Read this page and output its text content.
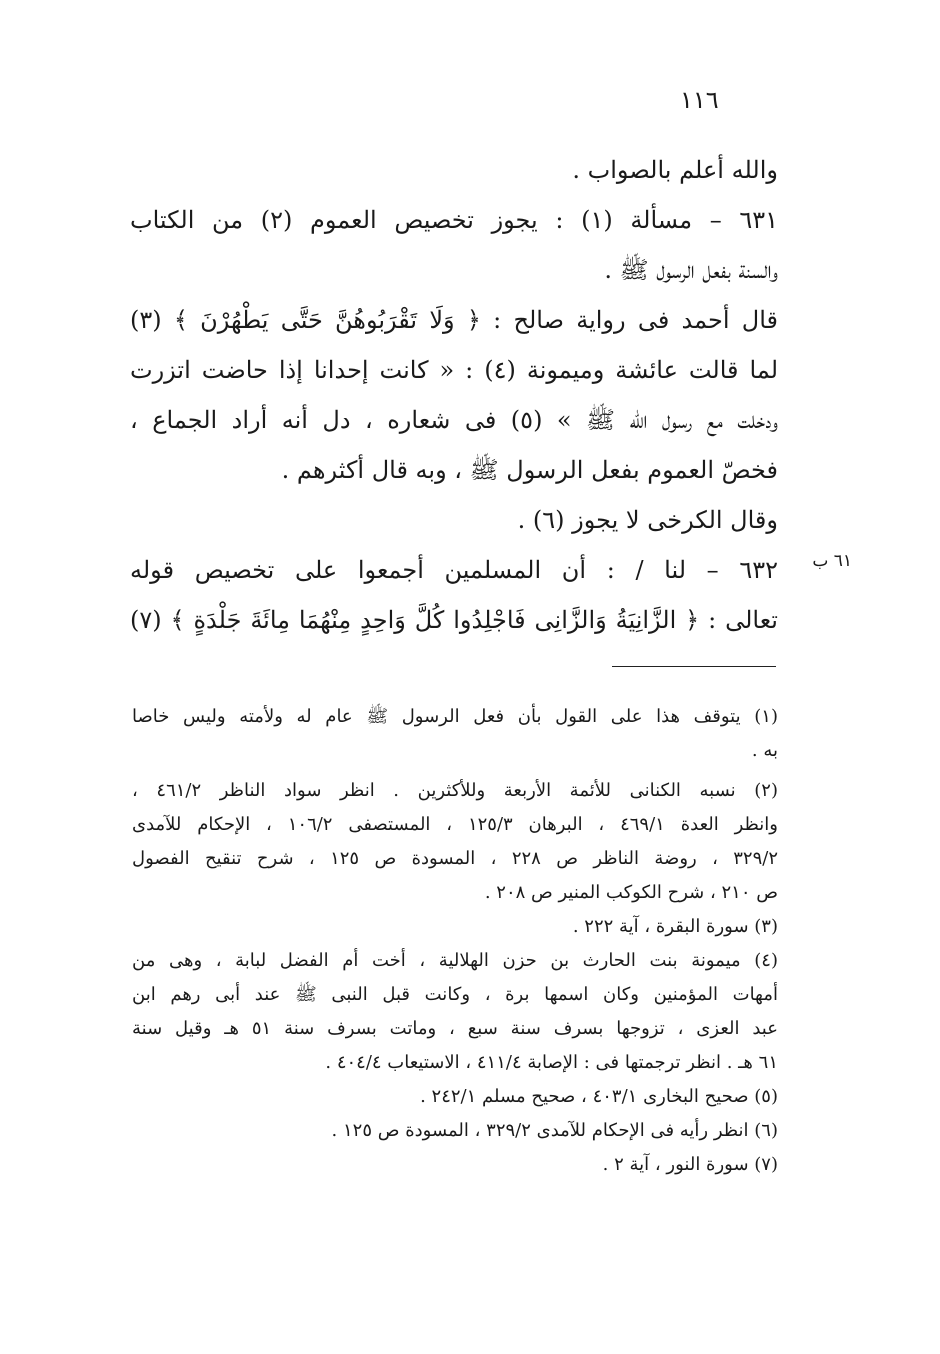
١١٦
والله أعلم بالصواب .
٦٣١ – مسألة (١) : يجوز تخصيص العموم (٢) من الكتاب
والسنة بفعل الرسول ﷺ .
قال أحمد فى رواية صالح : ﴿ وَلَا تَقْرَبُوهُنَّ حَتَّى يَطْهُرْنَ ﴾ (٣)
لما قالت عائشة وميمونة (٤) : « كانت إحدانا إذا حاضت اتزرت
ودخلت مع رسول الله ﷺ » (٥) فى شعاره ، دل أنه أراد الجماع ،
فخصّ العموم بفعل الرسول ﷺ ، وبه قال أكثرهم .
وقال الكرخى لا يجوز (٦) .
٦٣٢ – لنا / : أن المسلمين أجمعوا على تخصيص قوله
تعالى : ﴿ الزَّانِيَةُ وَالزَّانِى فَاجْلِدُوا كُلَّ وَاحِدٍ مِنْهُمَا مِائَةَ جَلْدَةٍ ﴾ (٧)
٦١ ب
(١) يتوقف هذا على القول بأن فعل الرسول ﷺ عام له ولأمته وليس خاصا
به .
(٢) نسبه الكنانى للأئمة الأربعة وللأكثرين . انظر سواد الناظر ٤٦١/٢ ،
وانظر العدة ٤٦٩/١ ، البرهان ١٢٥/٣ ، المستصفى ١٠٦/٢ ، الإحكام للآمدى
٣٢٩/٢ ، روضة الناظر ص ٢٢٨ ، المسودة ص ١٢٥ ، شرح تنقيح الفصول
ص ٢١٠ ، شرح الكوكب المنير ص ٢٠٨ .
(٣) سورة البقرة ، آية ٢٢٢ .
(٤) ميمونة بنت الحارث بن حزن الهلالية ، أخت أم الفضل لبابة ، وهى من
أمهات المؤمنين وكان اسمها برة ، وكانت قبل النبى ﷺ عند أبى رهم ابن
عبد العزى ، تزوجها بسرف سنة سبع ، وماتت بسرف سنة ٥١ هـ وقيل سنة
٦١ هـ . انظر ترجمتها فى : الإصابة ٤١١/٤ ، الاستيعاب ٤٠٤/٤ .
(٥) صحيح البخارى ٤٠٣/١ ، صحيح مسلم ٢٤٢/١ .
(٦) انظر رأيه فى الإحكام للآمدى ٣٢٩/٢ ، المسودة ص ١٢٥ .
(٧) سورة النور ، آية ٢ .
